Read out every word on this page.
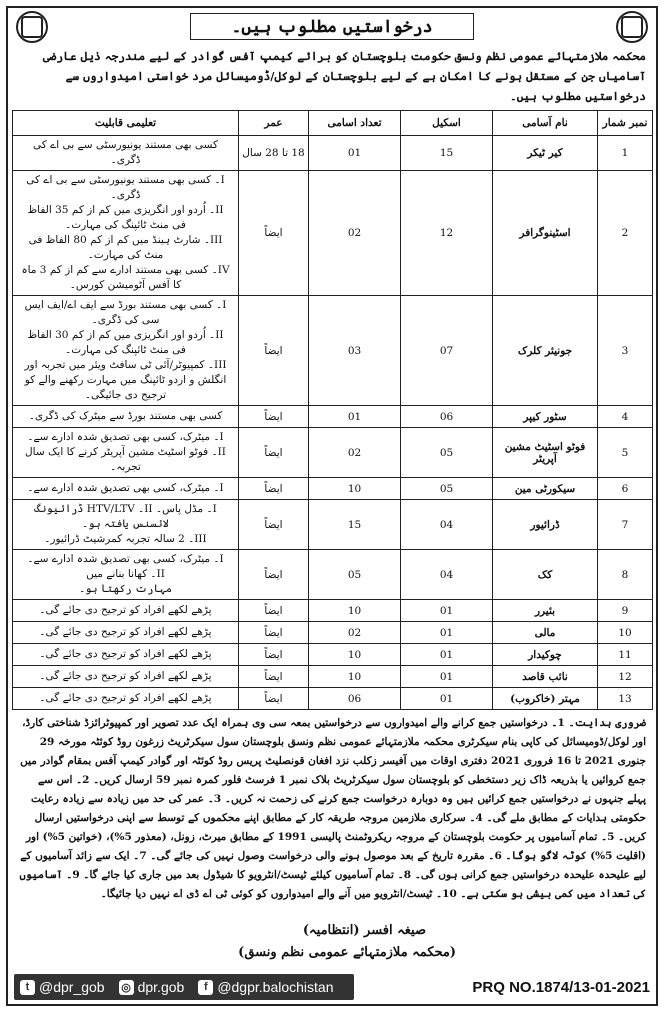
درخواستیں مطلوب ہیں۔
محکمہ ملازمتہائے عمومی نظم ونسق حکومت بلوچستان کو برائے کیمپ آفس گوادر کے لیے مندرجہ ذیل عارضی آسامیاں جن کے مستقل ہونے کا امکان ہے کے لیے بلوچستان کے لوکل/ڈومیسائل مرد خواستی امیدواروں سے درخواستیں مطلوب ہیں۔
نمبر شمار	نام آسامی	اسکیل	تعداد اسامی	عمر	تعلیمی قابلیت
1	کیر ٹیکر	15	01	18 تا 28 سال	کسی بھی مستند یونیورسٹی سے بی اے کی ڈگری۔

2	اسٹینوگرافر	12	02	ایضاً	I۔ کسی بھی مستند یونیورسٹی سے بی اے کی ڈگری۔
II۔ اُردو اور انگریزی میں کم از کم 35 الفاظ فی منٹ ٹائپنگ کی مہارت۔
III۔ شارٹ ہینڈ میں کم از کم 80 الفاظ فی منٹ کی مہارت۔
IV۔ کسی بھی مستند ادارے سے کم از کم 3 ماہ کا آفس آٹومیشن کورس۔

3	جونیئر کلرک	07	03	ایضاً	I۔ کسی بھی مستند بورڈ سے ایف اے/ایف ایس سی کی ڈگری۔
II۔ اُردو اور انگریزی میں کم از کم 30 الفاظ فی منٹ ٹائپنگ کی مہارت۔
III۔ کمپیوٹر/آئی ٹی سافٹ ویئر میں تجربہ اور انگلش و اردو ٹائپنگ میں مہارت رکھنے والے کو ترجیح دی جائیگی۔

4	سٹور کیپر	06	01	ایضاً	کسی بھی مستند بورڈ سے میٹرک کی ڈگری۔

5	فوٹو اسٹیٹ مشین آپریٹر	05	02	ایضاً	I۔ میٹرک، کسی بھی تصدیق شدہ ادارے سے۔
II۔ فوٹو اسٹیٹ مشین آپریٹر کرنے کا ایک سال تجربہ۔

6	سیکورٹی مین	05	10	ایضاً	I۔ میٹرک، کسی بھی تصدیق شدہ ادارے سے۔

7	ڈرائیور	04	15	ایضاً	I۔ مڈل پاس۔ II۔ HTV/LTV ڈرائیونگ لائسنس یافتہ ہو۔
III۔ 2 سالہ تجربہ کمرشیٹ ڈرائیور۔

8	کک	04	05	ایضاً	I۔ میٹرک، کسی بھی تصدیق شدہ ادارے سے۔ II۔ کھانا بنانے میں
مہارت رکھتا ہو۔

9	بئیرر	01	10	ایضاً	پڑھے لکھے افراد کو ترجیح دی جائے گی۔

10	مالی	01	02	ایضاً	پڑھے لکھے افراد کو ترجیح دی جائے گی۔

11	چوکیدار	01	10	ایضاً	پڑھے لکھے افراد کو ترجیح دی جائے گی۔

12	نائب قاصد	01	10	ایضاً	پڑھے لکھے افراد کو ترجیح دی جائے گی۔

13	مہتر (خاکروب)	01	06	ایضاً	پڑھے لکھے افراد کو ترجیح دی جائے گی۔
ضروری ہدایت۔ 1۔ درخواستیں جمع کرانے والے امیدواروں سے درخواستیں بمعہ سی وی ہمراہ ایک عدد تصویر اور کمپیوٹرائزڈ شناختی کارڈ، اور لوکل/ڈومیسائل کی کاپی بنام سیکرٹری محکمہ ملازمتہائے عمومی نظم ونسق بلوچستان سول سیکرٹریٹ زرغون روڈ کوئٹہ مورخہ 29 جنوری 2021 تا 16 فروری 2021 دفتری اوقات میں آفیسر زکلب نزد افغان قونصلیٹ پریس روڈ کوئٹہ اور گوادر کیمپ آفس بمقام گوادر میں جمع کروائیں یا بذریعہ ڈاک زیر دستخطی کو بلوچستان سول سیکرٹریٹ بلاک نمبر 1 فرسٹ فلور کمرہ نمبر 59 ارسال کریں۔ 2۔ اس سے پہلے جنہوں نے درخواستیں جمع کرائیں ہیں وہ دوبارہ درخواست جمع کرنے کی زحمت نہ کریں۔ 3۔ عمر کی حد میں زیادہ سے زیادہ رعایت حکومتی ہدایات کے مطابق ملے گی۔ 4۔ سرکاری ملازمین مروجہ طریقہ کار کے مطابق اپنے محکموں کے توسط سے اپنی درخواستیں ارسال کریں۔ 5۔ تمام آسامیوں پر حکومت بلوچستان کے مروجہ ریکروٹمنٹ پالیسی 1991 کے مطابق میرٹ، زونل، (معذور 5%)، (خواتین 5%) اور (اقلیت 5%) کوٹہ لاگو ہوگا۔ 6۔ مقررہ تاریخ کے بعد موصول ہونے والی درخواست وصول نہیں کی جائے گی۔ 7۔ ایک سے زائد آسامیوں کے لیے علیحدہ علیحدہ درخواستیں جمع کرانی ہوں گی۔ 8۔ تمام آسامیوں کیلئے ٹیسٹ/انٹرویو کا شیڈول بعد میں جاری کیا جائے گا۔ 9۔ آسامیوں کی تعداد میں کمی بیشی ہو سکتی ہے۔ 10۔ ٹیسٹ/انٹرویو میں آنے والے امیدواروں کو کوئی ٹی اے ڈی اے نہیں دیا جائیگا۔
صیغہ افسر (انتظامیہ)
(محکمہ ملازمتہائے عمومی نظم ونسق)
t @dpr_gob ◎ dpr.gob	f @dgpr.balochistan	PRQ NO.1874/13-01-2021
